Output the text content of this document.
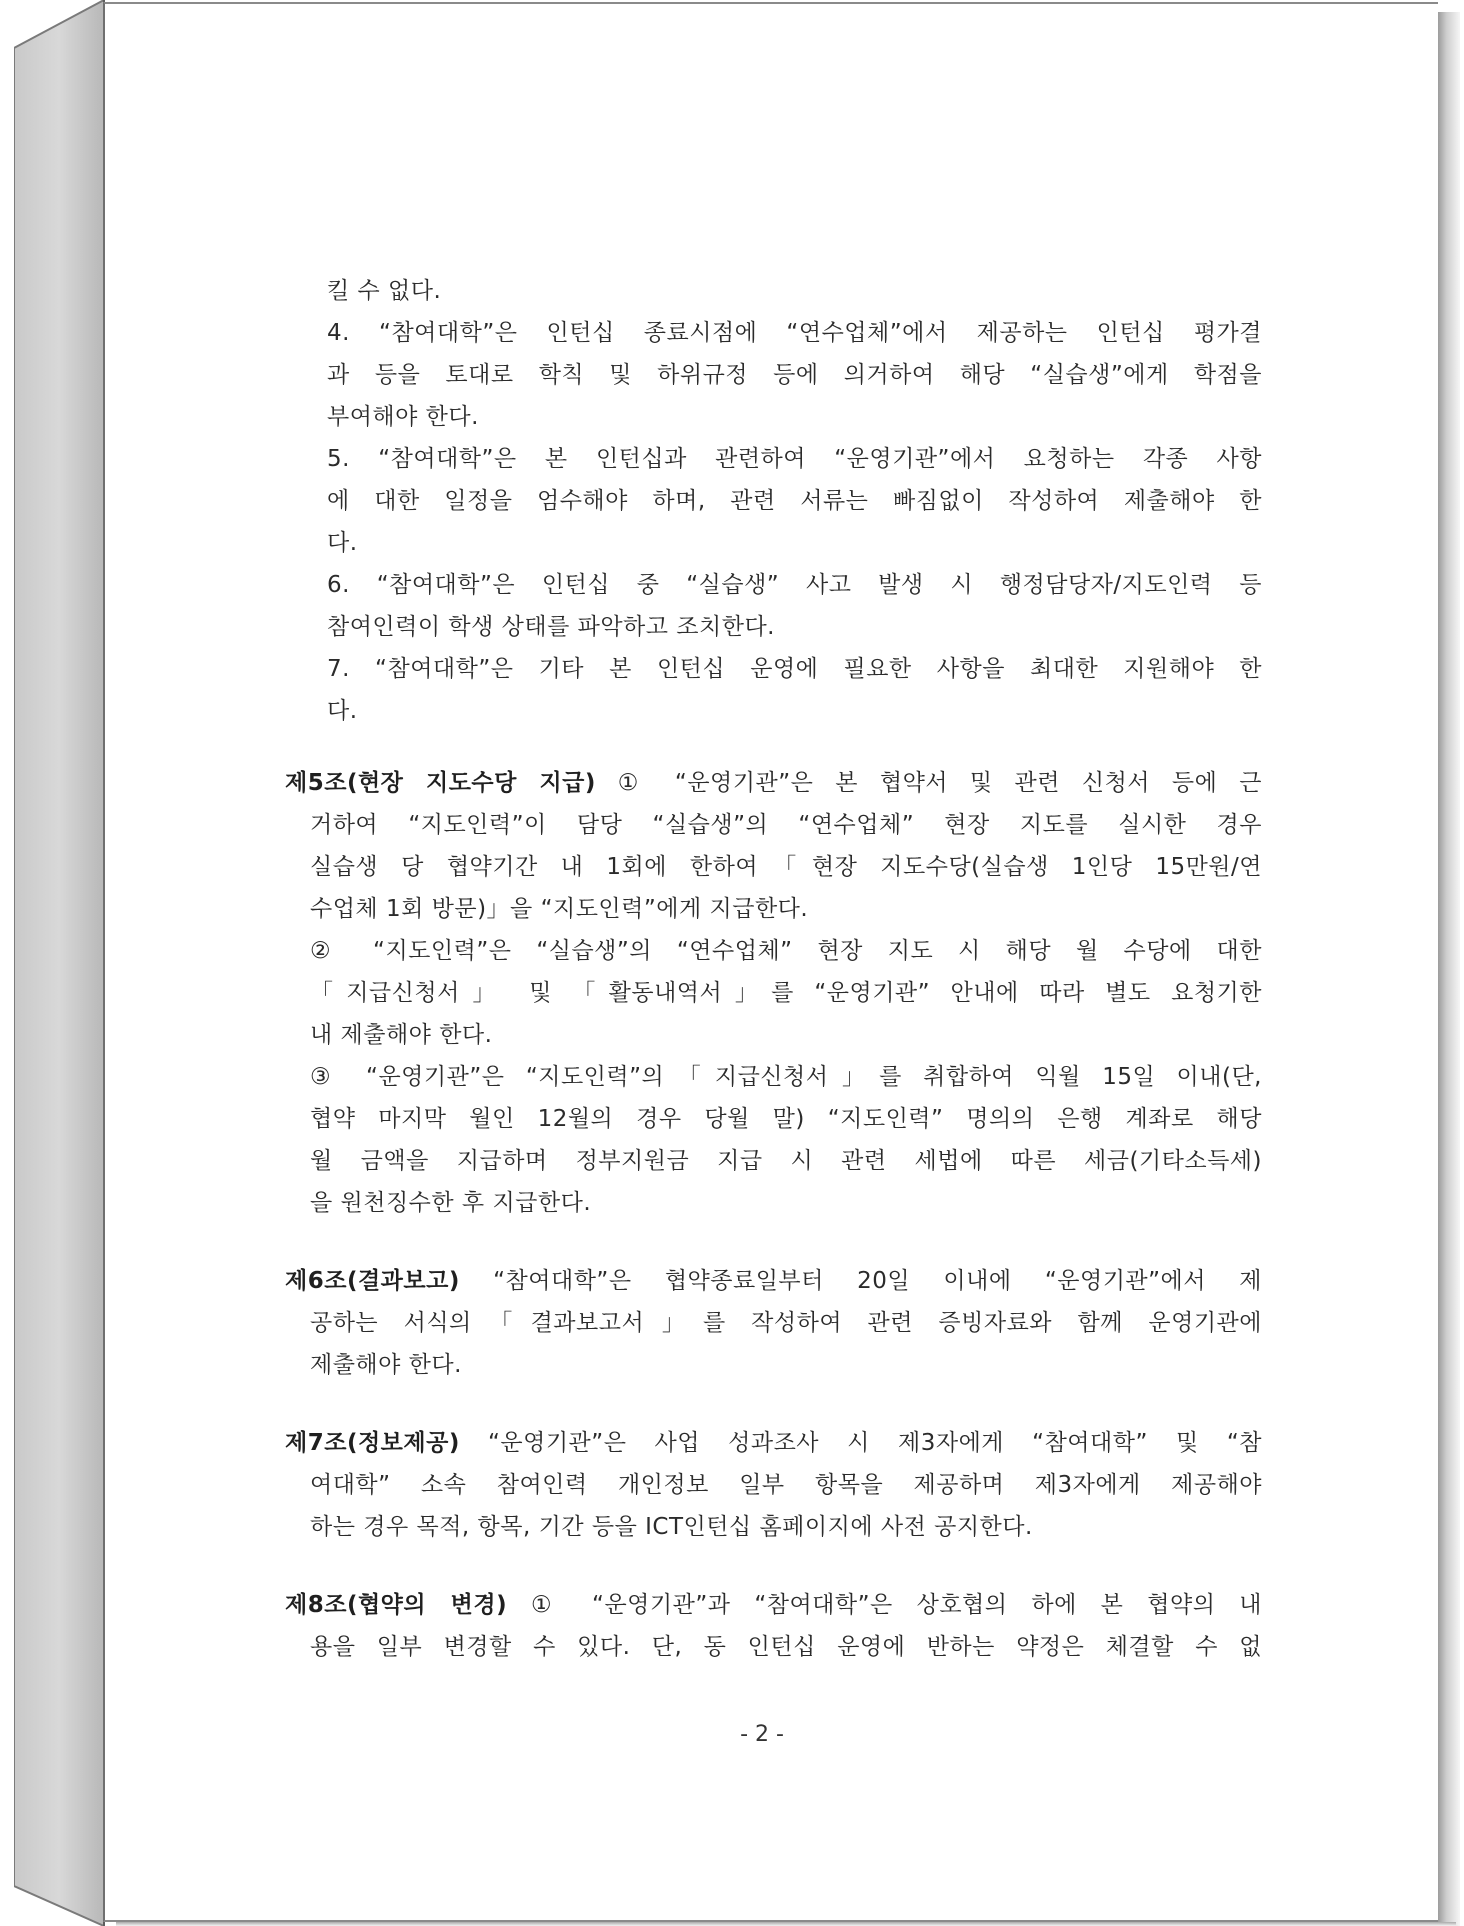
킬 수 없다.
4. “참여대학”은 인턴십 종료시점에 “연수업체”에서 제공하는 인턴십 평가결
과 등을 토대로 학칙 및 하위규정 등에 의거하여 해당 “실습생”에게 학점을
부여해야 한다.
5. “참여대학”은 본 인턴십과 관련하여 “운영기관”에서 요청하는 각종 사항
에 대한 일정을 엄수해야 하며, 관련 서류는 빠짐없이 작성하여 제출해야 한
다.
6. “참여대학”은 인턴십 중 “실습생” 사고 발생 시 행정담당자/지도인력 등
참여인력이 학생 상태를 파악하고 조치한다.
7. “참여대학”은 기타 본 인턴십 운영에 필요한 사항을 최대한 지원해야 한
다.
제5조(현장 지도수당 지급) ① “운영기관”은 본 협약서 및 관련 신청서 등에 근
거하여 “지도인력”이 담당 “실습생”의 “연수업체” 현장 지도를 실시한 경우
실습생 당 협약기간 내 1회에 한하여「현장 지도수당(실습생 1인당 15만원/연
수업체 1회 방문)」을 “지도인력”에게 지급한다.
② “지도인력”은 “실습생”의 “연수업체” 현장 지도 시 해당 월 수당에 대한
「지급신청서」 및 「활동내역서」를 “운영기관” 안내에 따라 별도 요청기한
내 제출해야 한다.
③ “운영기관”은 “지도인력”의「지급신청서」를 취합하여 익월 15일 이내(단,
협약 마지막 월인 12월의 경우 당월 말) “지도인력” 명의의 은행 계좌로 해당
월 금액을 지급하며 정부지원금 지급 시 관련 세법에 따른 세금(기타소득세)
을 원천징수한 후 지급한다.
제6조(결과보고) “참여대학”은 협약종료일부터 20일 이내에 “운영기관”에서 제
공하는 서식의「결과보고서」를 작성하여 관련 증빙자료와 함께 운영기관에
제출해야 한다.
제7조(정보제공) “운영기관”은 사업 성과조사 시 제3자에게 “참여대학” 및 “참
여대학” 소속 참여인력 개인정보 일부 항목을 제공하며 제3자에게 제공해야
하는 경우 목적, 항목, 기간 등을 ICT인턴십 홈페이지에 사전 공지한다.
제8조(협약의 변경) ① “운영기관”과 “참여대학”은 상호협의 하에 본 협약의 내
용을 일부 변경할 수 있다. 단, 동 인턴십 운영에 반하는 약정은 체결할 수 없
- 2 -
